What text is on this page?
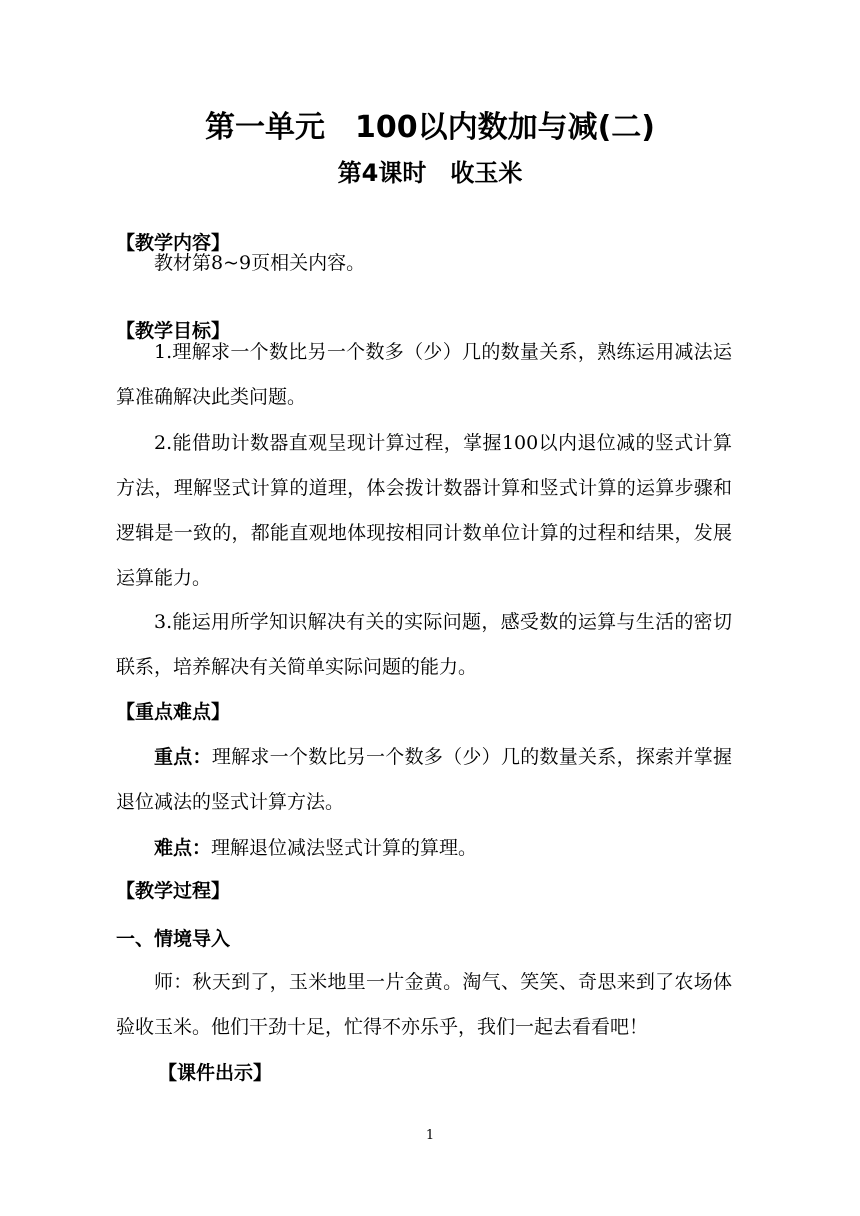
第一单元　100以内数加与减(二)
第4课时　收玉米
【教学内容】

教材第8~9页相关内容。

【教学目标】

1.理解求一个数比另一个数多（少）几的数量关系，熟练运用减法运算准确解决此类问题。

2.能借助计数器直观呈现计算过程，掌握100以内退位减的竖式计算方法，理解竖式计算的道理，体会拨计数器计算和竖式计算的运算步骤和逻辑是一致的，都能直观地体现按相同计数单位计算的过程和结果，发展运算能力。

3.能运用所学知识解决有关的实际问题，感受数的运算与生活的密切联系，培养解决有关简单实际问题的能力。

【重点难点】

重点：理解求一个数比另一个数多（少）几的数量关系，探索并掌握退位减法的竖式计算方法。

难点：理解退位减法竖式计算的算理。

【教学过程】
一、情境导入

师：秋天到了，玉米地里一片金黄。淘气、笑笑、奇思来到了农场体验收玉米。他们干劲十足，忙得不亦乐乎，我们一起去看看吧！

【课件出示】
1
